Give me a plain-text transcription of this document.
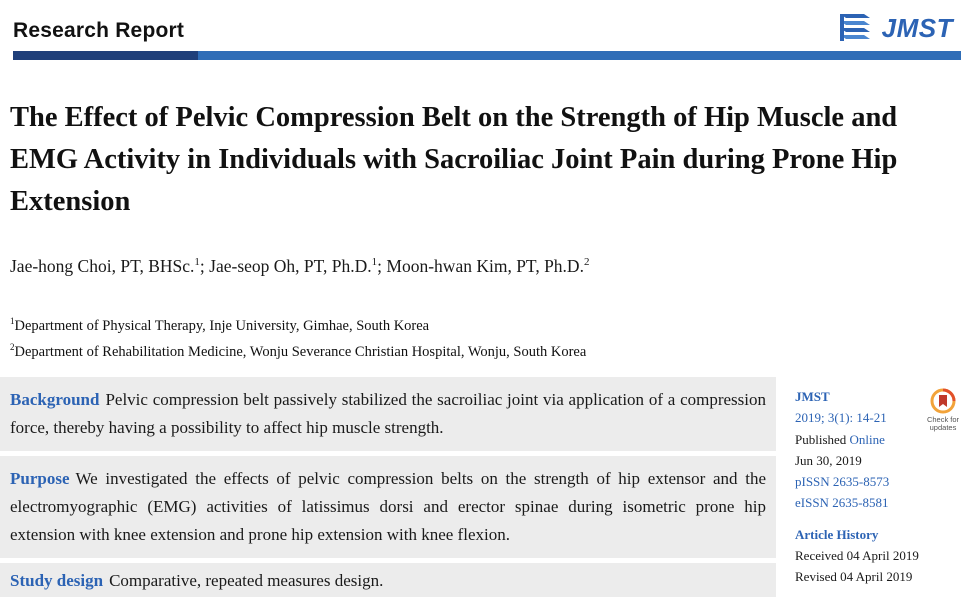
Research Report	JMST
The Effect of Pelvic Compression Belt on the Strength of Hip Muscle and EMG Activity in Individuals with Sacroiliac Joint Pain during Prone Hip Extension
Jae-hong Choi, PT, BHSc.$^1$; Jae-seop Oh, PT, Ph.D.$^1$; Moon-hwan Kim, PT, Ph.D.$^2$
$^1$Department of Physical Therapy, Inje University, Gimhae, South Korea
$^2$Department of Rehabilitation Medicine, Wonju Severance Christian Hospital, Wonju, South Korea
Background Pelvic compression belt passively stabilized the sacroiliac joint via application of a compression force, thereby having a possibility to affect hip muscle strength.
Purpose We investigated the effects of pelvic compression belts on the strength of hip extensor and the electromyographic (EMG) activities of latissimus dorsi and erector spinae during isometric prone hip extension with knee extension and prone hip extension with knee flexion.
Study design Comparative, repeated measures design.
JMST
2019; 3(1): 14-21
Published Online
Jun 30, 2019
pISSN 2635-8573
eISSN 2635-8581
Article History
Received 04 April 2019
Revised 04 April 2019
Check for
updates
